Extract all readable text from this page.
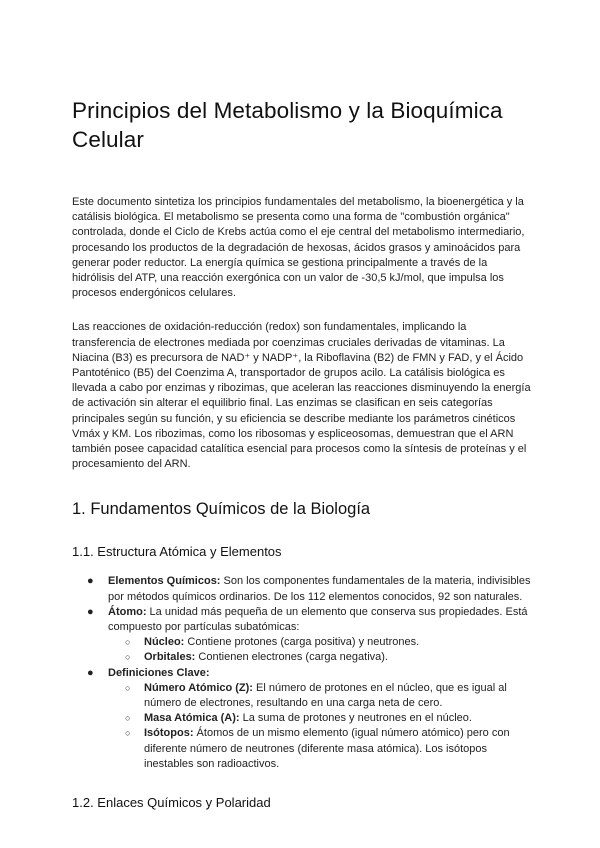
Principios del Metabolismo y la Bioquímica Celular

Este documento sintetiza los principios fundamentales del metabolismo, la bioenergética y la catálisis biológica. El metabolismo se presenta como una forma de "combustión orgánica" controlada, donde el Ciclo de Krebs actúa como el eje central del metabolismo intermediario, procesando los productos de la degradación de hexosas, ácidos grasos y aminoácidos para generar poder reductor. La energía química se gestiona principalmente a través de la hidrólisis del ATP, una reacción exergónica con un valor de -30,5 kJ/mol, que impulsa los procesos endergónicos celulares.

Las reacciones de oxidación-reducción (redox) son fundamentales, implicando la transferencia de electrones mediada por coenzimas cruciales derivadas de vitaminas. La Niacina (B3) es precursora de NAD⁺ y NADP⁺, la Riboflavina (B2) de FMN y FAD, y el Ácido Pantoténico (B5) del Coenzima A, transportador de grupos acilo. La catálisis biológica es llevada a cabo por enzimas y ribozimas, que aceleran las reacciones disminuyendo la energía de activación sin alterar el equilibrio final. Las enzimas se clasifican en seis categorías principales según su función, y su eficiencia se describe mediante los parámetros cinéticos Vmáx y KM. Los ribozimas, como los ribosomas y espliceosomas, demuestran que el ARN también posee capacidad catalítica esencial para procesos como la síntesis de proteínas y el procesamiento del ARN.

1. Fundamentos Químicos de la Biología
1.1. Estructura Atómica y Elementos
●	Elementos Químicos: Son los componentes fundamentales de la materia, indivisibles por métodos químicos ordinarios. De los 112 elementos conocidos, 92 son naturales.
●	Átomo: La unidad más pequeña de un elemento que conserva sus propiedades. Está compuesto por partículas subatómicas:
○ Núcleo: Contiene protones (carga positiva) y neutrones.
○ Orbitales: Contienen electrones (carga negativa).
●	Definiciones Clave:
○ Número Atómico (Z): El número de protones en el núcleo, que es igual al número de electrones, resultando en una carga neta de cero.
○ Masa Atómica (A): La suma de protones y neutrones en el núcleo.
○ Isótopos: Átomos de un mismo elemento (igual número atómico) pero con diferente número de neutrones (diferente masa atómica). Los isótopos inestables son radioactivos.
1.2. Enlaces Químicos y Polaridad
